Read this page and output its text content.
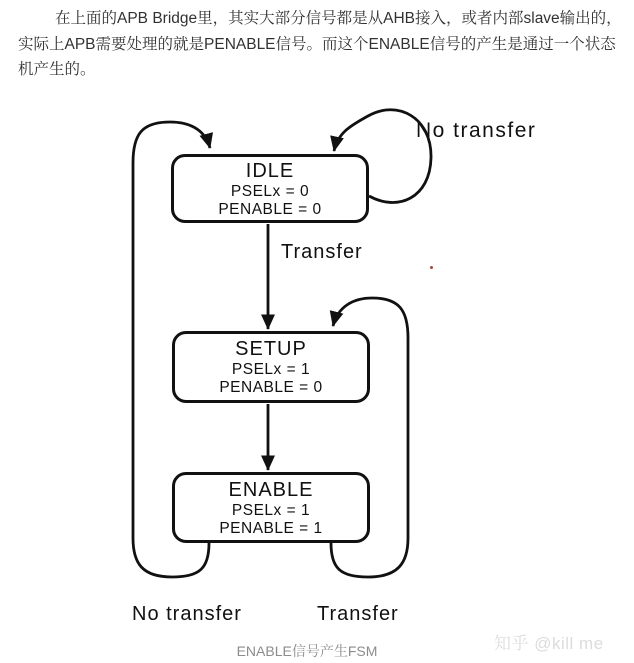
在上面的APB Bridge里，其实大部分信号都是从AHB接入，或者内部slave输出的，
实际上APB需要处理的就是PENABLE信号。而这个ENABLE信号的产生是通过一个状态
机产生的。

IDLE
PSELx = 0
PENABLE = 0
SETUP
PSELx = 1
PENABLE = 0
ENABLE
PSELx = 1
PENABLE = 1
No transfer
Transfer
No transfer	Transfer
ENABLE信号产生FSM	知乎 @kill me
